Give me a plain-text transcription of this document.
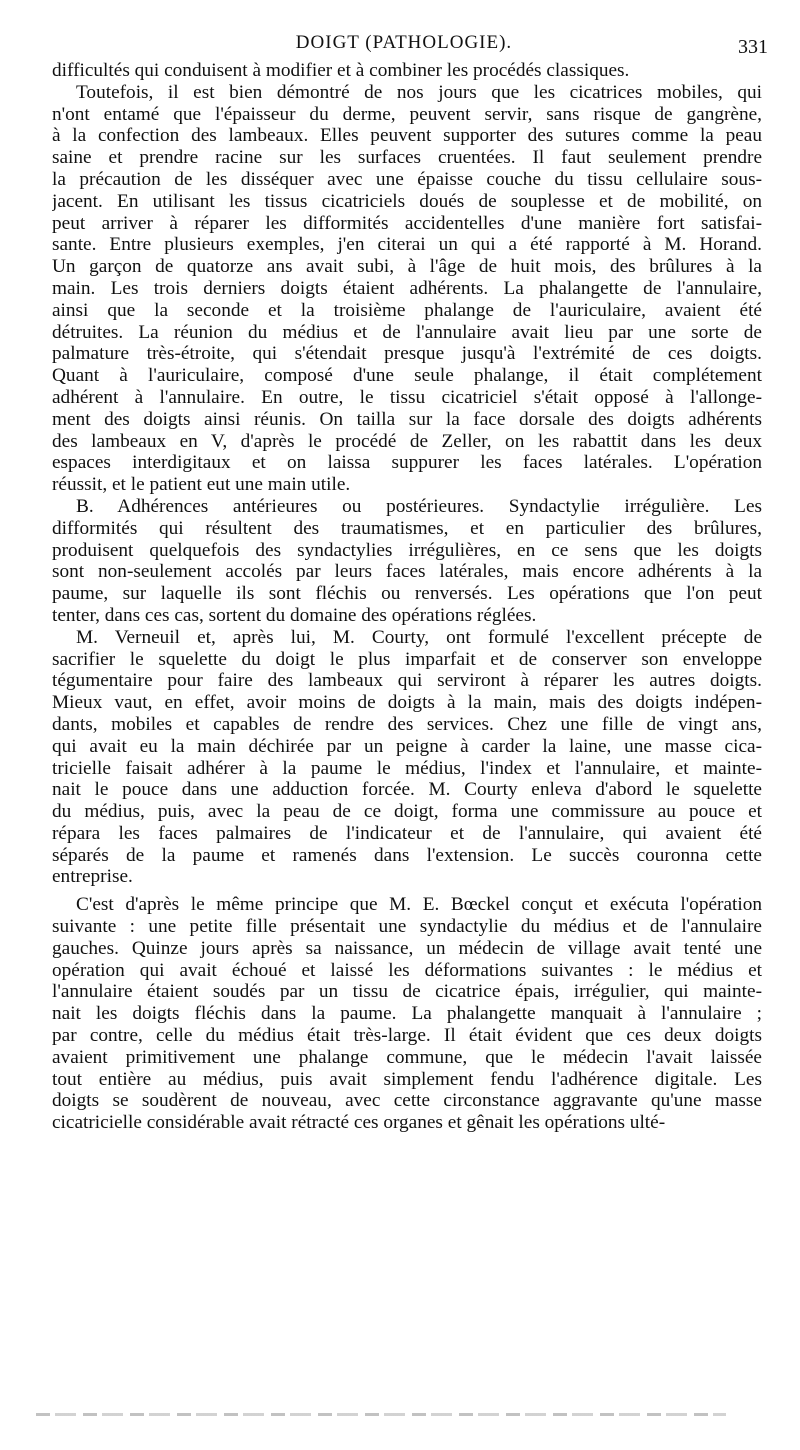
DOIGT (PATHOLOGIE).	331
difficultés qui conduisent à modifier et à combiner les procédés classiques.
Toutefois, il est bien démontré de nos jours que les cicatrices mobiles, qui
n'ont entamé que l'épaisseur du derme, peuvent servir, sans risque de gangrène,
à la confection des lambeaux. Elles peuvent supporter des sutures comme la peau
saine et prendre racine sur les surfaces cruentées. Il faut seulement prendre
la précaution de les disséquer avec une épaisse couche du tissu cellulaire sous-
jacent. En utilisant les tissus cicatriciels doués de souplesse et de mobilité, on
peut arriver à réparer les difformités accidentelles d'une manière fort satisfai-
sante. Entre plusieurs exemples, j'en citerai un qui a été rapporté à M. Horand.
Un garçon de quatorze ans avait subi, à l'âge de huit mois, des brûlures à la
main. Les trois derniers doigts étaient adhérents. La phalangette de l'annulaire,
ainsi que la seconde et la troisième phalange de l'auriculaire, avaient été
détruites. La réunion du médius et de l'annulaire avait lieu par une sorte de
palmature très-étroite, qui s'étendait presque jusqu'à l'extrémité de ces doigts.
Quant à l'auriculaire, composé d'une seule phalange, il était complétement
adhérent à l'annulaire. En outre, le tissu cicatriciel s'était opposé à l'allonge-
ment des doigts ainsi réunis. On tailla sur la face dorsale des doigts adhérents
des lambeaux en V, d'après le procédé de Zeller, on les rabattit dans les deux
espaces interdigitaux et on laissa suppurer les faces latérales. L'opération
réussit, et le patient eut une main utile.
B. Adhérences antérieures ou postérieures. Syndactylie irrégulière. Les
difformités qui résultent des traumatismes, et en particulier des brûlures,
produisent quelquefois des syndactylies irrégulières, en ce sens que les doigts
sont non-seulement accolés par leurs faces latérales, mais encore adhérents à la
paume, sur laquelle ils sont fléchis ou renversés. Les opérations que l'on peut
tenter, dans ces cas, sortent du domaine des opérations réglées.
M. Verneuil et, après lui, M. Courty, ont formulé l'excellent précepte de
sacrifier le squelette du doigt le plus imparfait et de conserver son enveloppe
tégumentaire pour faire des lambeaux qui serviront à réparer les autres doigts.
Mieux vaut, en effet, avoir moins de doigts à la main, mais des doigts indépen-
dants, mobiles et capables de rendre des services. Chez une fille de vingt ans,
qui avait eu la main déchirée par un peigne à carder la laine, une masse cica-
tricielle faisait adhérer à la paume le médius, l'index et l'annulaire, et mainte-
nait le pouce dans une adduction forcée. M. Courty enleva d'abord le squelette
du médius, puis, avec la peau de ce doigt, forma une commissure au pouce et
répara les faces palmaires de l'indicateur et de l'annulaire, qui avaient été
séparés de la paume et ramenés dans l'extension. Le succès couronna cette
entreprise.
C'est d'après le même principe que M. E. Bœckel conçut et exécuta l'opération
suivante : une petite fille présentait une syndactylie du médius et de l'annulaire
gauches. Quinze jours après sa naissance, un médecin de village avait tenté une
opération qui avait échoué et laissé les déformations suivantes : le médius et
l'annulaire étaient soudés par un tissu de cicatrice épais, irrégulier, qui mainte-
nait les doigts fléchis dans la paume. La phalangette manquait à l'annulaire ;
par contre, celle du médius était très-large. Il était évident que ces deux doigts
avaient primitivement une phalange commune, que le médecin l'avait laissée
tout entière au médius, puis avait simplement fendu l'adhérence digitale. Les
doigts se soudèrent de nouveau, avec cette circonstance aggravante qu'une masse
cicatricielle considérable avait rétracté ces organes et gênait les opérations ulté-
